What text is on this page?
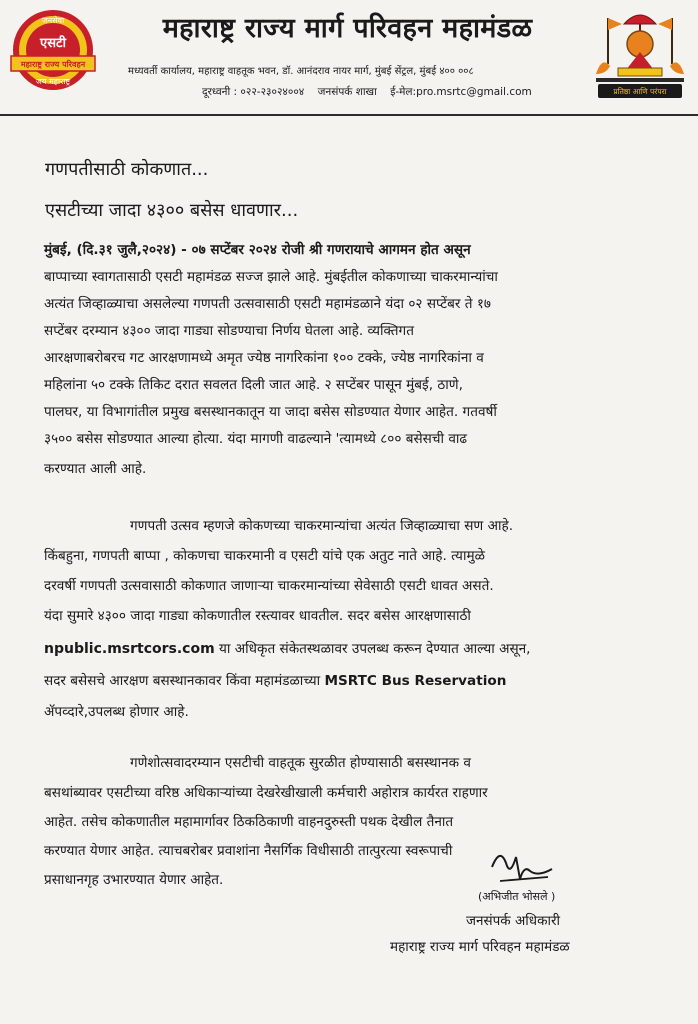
जनसेवा
एसटी
महाराष्ट्र राज्य परिवहन
जय महाराष्ट्र
महाराष्ट्र राज्य मार्ग परिवहन महामंडळ
मध्यवर्ती कार्यालय, महाराष्ट्र वाहतूक भवन, डॉ. आनंदराव नायर मार्ग, मुंबई सेंट्रल, मुंबई ४०० ००८
दूरध्वनी : ०२२-२३०२४००४ जनसंपर्क शाखा ई-मेल:pro.msrtc@gmail.com	प्रतिष्ठा आणि परंपरा
गणपतीसाठी कोकणात...
एसटीच्या जादा ४३०० बसेस धावणार...
मुंबई, (दि.३१ जुलै,२०२४) - ०७ सप्टेंबर २०२४ रोजी श्री गणरायाचे आगमन होत असून
बाप्पाच्या स्वागतासाठी एसटी महामंडळ सज्ज झाले आहे. मुंबईतील कोकणाच्या चाकरमान्यांचा
अत्यंत जिव्हाळ्याचा असलेल्या गणपती उत्सवासाठी एसटी महामंडळाने यंदा ०२ सप्टेंबर ते १७
सप्टेंबर दरम्यान ४३०० जादा गाड्या सोडण्याचा निर्णय घेतला आहे. व्यक्तिगत
आरक्षणाबरोबरच गट आरक्षणामध्ये अमृत ज्येष्ठ नागरिकांना १०० टक्के, ज्येष्ठ नागरिकांना व
महिलांना ५० टक्के तिकिट दरात सवलत दिली जात आहे. २ सप्टेंबर पासून मुंबई, ठाणे,
पालघर, या विभागांतील प्रमुख बसस्थानकातून या जादा बसेस सोडण्यात येणार आहेत. गतवर्षी
३५०० बसेस सोडण्यात आल्या होत्या. यंदा मागणी वाढल्याने 'त्यामध्ये ८०० बसेसची वाढ
करण्यात आली आहे.
गणपती उत्सव म्हणजे कोकणच्या चाकरमान्यांचा अत्यंत जिव्हाळ्याचा सण आहे.
किंबहुना, गणपती बाप्पा , कोकणचा चाकरमानी व एसटी यांचे एक अतुट नाते आहे. त्यामुळे
दरवर्षी गणपती उत्सवासाठी कोकणात जाणाऱ्या चाकरमान्यांच्या सेवेसाठी एसटी धावत असते.
यंदा सुमारे ४३०० जादा गाड्या कोकणातील रस्त्यावर धावतील. सदर बसेस आरक्षणासाठी
npublic.msrtcors.com या अधिकृत संकेतस्थळावर उपलब्ध करून देण्यात आल्या असून,
सदर बसेसचे आरक्षण बसस्थानकावर किंवा महामंडळाच्या MSRTC Bus Reservation
ॲपव्दारे,उपलब्ध होणार आहे.
गणेशोत्सवादरम्यान एसटीची वाहतूक सुरळीत होण्यासाठी बसस्थानक व
बसथांब्यावर एसटीच्या वरिष्ठ अधिकाऱ्यांच्या देखरेखीखाली कर्मचारी अहोरात्र कार्यरत राहणार
आहेत. तसेच कोकणातील महामार्गावर ठिकठिकाणी वाहनदुरुस्ती पथक देखील तैनात
करण्यात येणार आहेत. त्याचबरोबर प्रवाशांना नैसर्गिक विधीसाठी तात्पुरत्या स्वरूपाची
प्रसाधानगृह उभारण्यात येणार आहेत.
(अभिजीत भोसले )
जनसंपर्क अधिकारी
महाराष्ट्र राज्य मार्ग परिवहन महामंडळ
